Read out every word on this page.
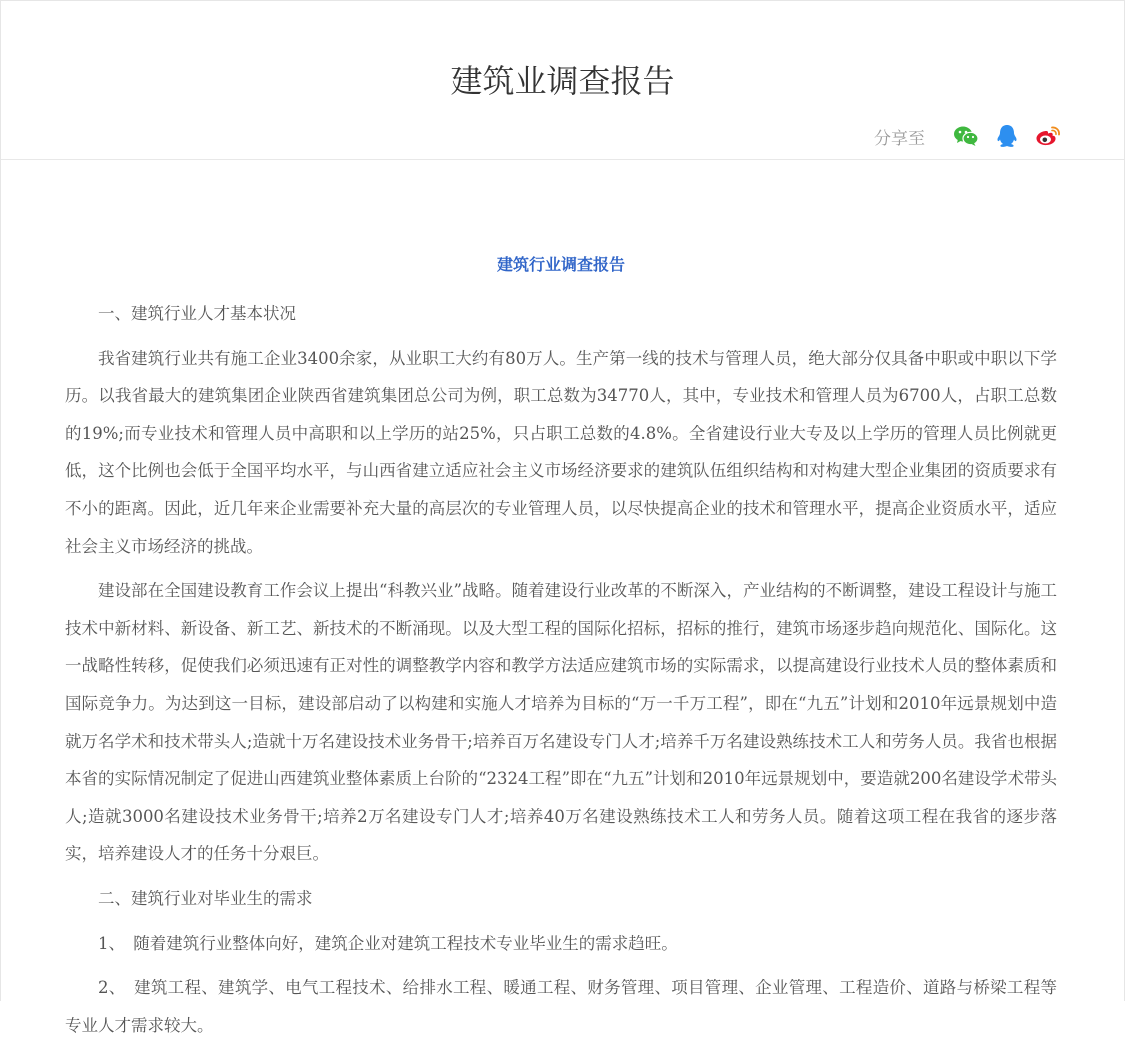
建筑业调查报告
分享至
建筑行业调查报告

一、建筑行业人才基本状况

我省建筑行业共有施工企业3400余家，从业职工大约有80万人。生产第一线的技术与管理人员，绝大部分仅具备中职或中职以下学历。以我省最大的建筑集团企业陕西省建筑集团总公司为例，职工总数为34770人，其中，专业技术和管理人员为6700人，占职工总数的19%;而专业技术和管理人员中高职和以上学历的站25%，只占职工总数的4.8%。全省建设行业大专及以上学历的管理人员比例就更低，这个比例也会低于全国平均水平，与山西省建立适应社会主义市场经济要求的建筑队伍组织结构和对构建大型企业集团的资质要求有不小的距离。因此，近几年来企业需要补充大量的高层次的专业管理人员，以尽快提高企业的技术和管理水平，提高企业资质水平，适应社会主义市场经济的挑战。

建设部在全国建设教育工作会议上提出“科教兴业”战略。随着建设行业改革的不断深入，产业结构的不断调整，建设工程设计与施工技术中新材料、新设备、新工艺、新技术的不断涌现。以及大型工程的国际化招标，招标的推行，建筑市场逐步趋向规范化、国际化。这一战略性转移，促使我们必须迅速有正对性的调整教学内容和教学方法适应建筑市场的实际需求，以提高建设行业技术人员的整体素质和国际竞争力。为达到这一目标，建设部启动了以构建和实施人才培养为目标的“万一千万工程”，即在“九五”计划和2010年远景规划中造就万名学术和技术带头人;造就十万名建设技术业务骨干;培养百万名建设专门人才;培养千万名建设熟练技术工人和劳务人员。我省也根据本省的实际情况制定了促进山西建筑业整体素质上台阶的“2324工程”即在“九五”计划和2010年远景规划中，要造就200名建设学术带头人;造就3000名建设技术业务骨干;培养2万名建设专门人才;培养40万名建设熟练技术工人和劳务人员。随着这项工程在我省的逐步落实，培养建设人才的任务十分艰巨。

二、建筑行业对毕业生的需求

1、　随着建筑行业整体向好，建筑企业对建筑工程技术专业毕业生的需求趋旺。

2、　建筑工程、建筑学、电气工程技术、给排水工程、暖通工程、财务管理、项目管理、企业管理、工程造价、道路与桥梁工程等专业人才需求较大。
